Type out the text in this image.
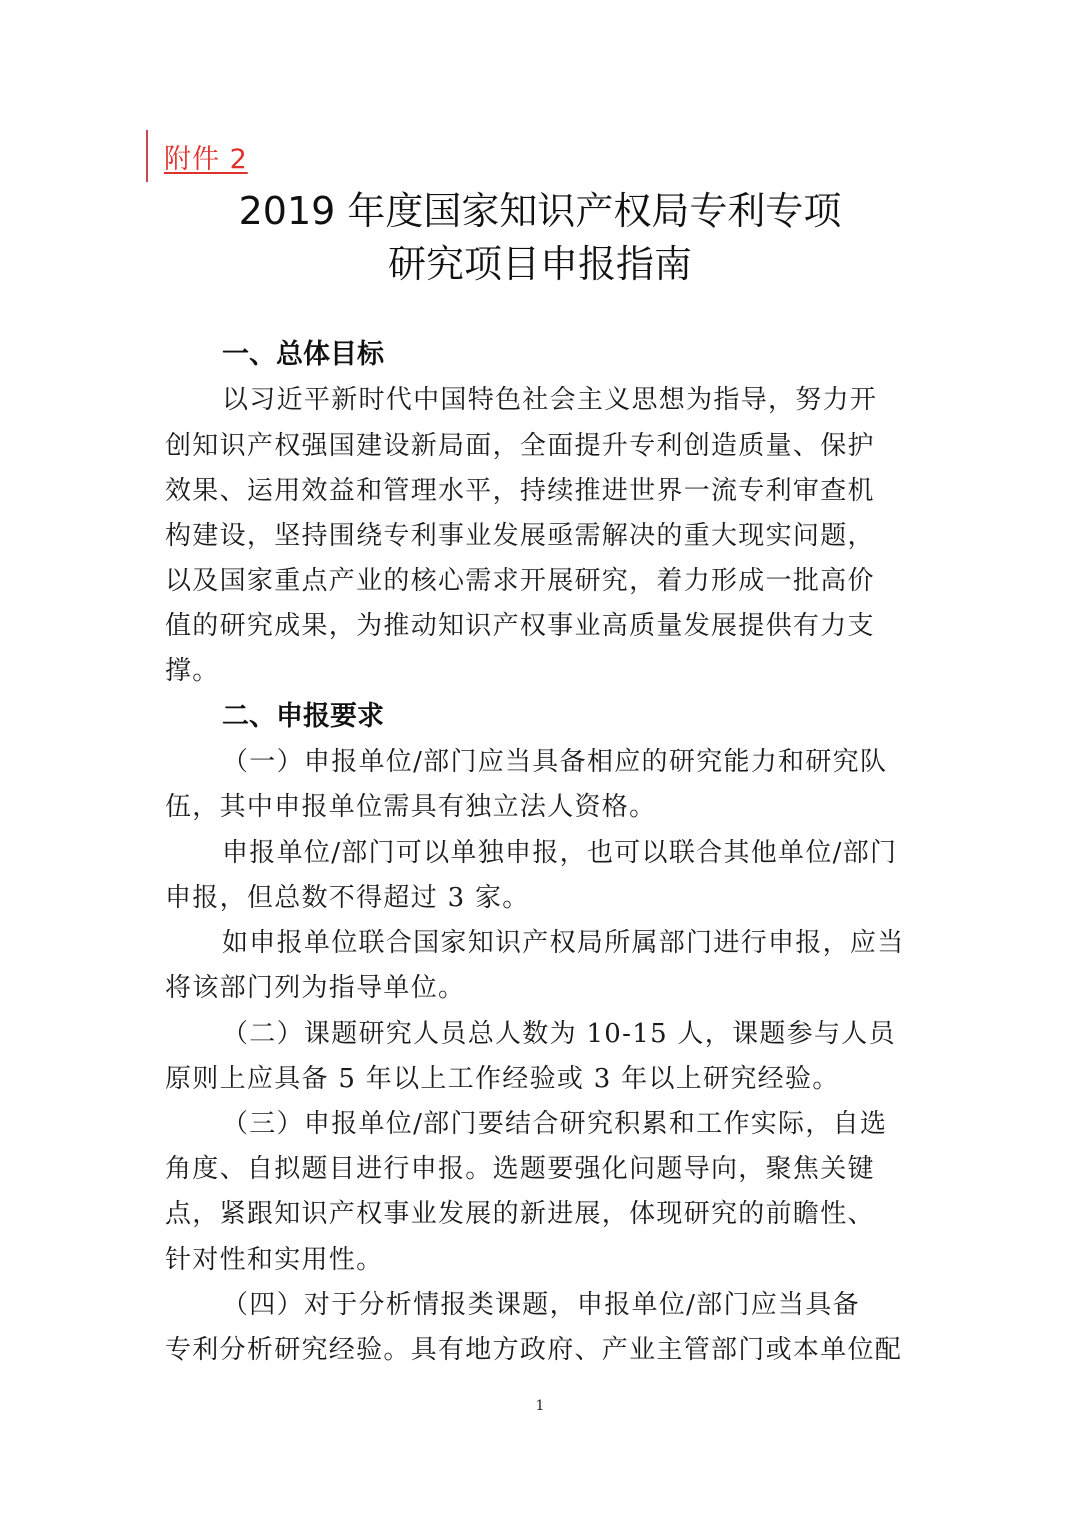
附件 2
2019 年度国家知识产权局专利专项
研究项目申报指南
一、总体目标
以习近平新时代中国特色社会主义思想为指导，努力开
创知识产权强国建设新局面，全面提升专利创造质量、保护
效果、运用效益和管理水平，持续推进世界一流专利审查机
构建设，坚持围绕专利事业发展亟需解决的重大现实问题，
以及国家重点产业的核心需求开展研究，着力形成一批高价
值的研究成果，为推动知识产权事业高质量发展提供有力支
撑。
二、申报要求
（一）申报单位/部门应当具备相应的研究能力和研究队
伍，其中申报单位需具有独立法人资格。
申报单位/部门可以单独申报，也可以联合其他单位/部门
申报，但总数不得超过 3 家。
如申报单位联合国家知识产权局所属部门进行申报，应当
将该部门列为指导单位。
（二）课题研究人员总人数为 10-15 人，课题参与人员
原则上应具备 5 年以上工作经验或 3 年以上研究经验。
（三）申报单位/部门要结合研究积累和工作实际，自选
角度、自拟题目进行申报。选题要强化问题导向，聚焦关键
点，紧跟知识产权事业发展的新进展，体现研究的前瞻性、
针对性和实用性。
（四）对于分析情报类课题，申报单位/部门应当具备
专利分析研究经验。具有地方政府、产业主管部门或本单位配
1
